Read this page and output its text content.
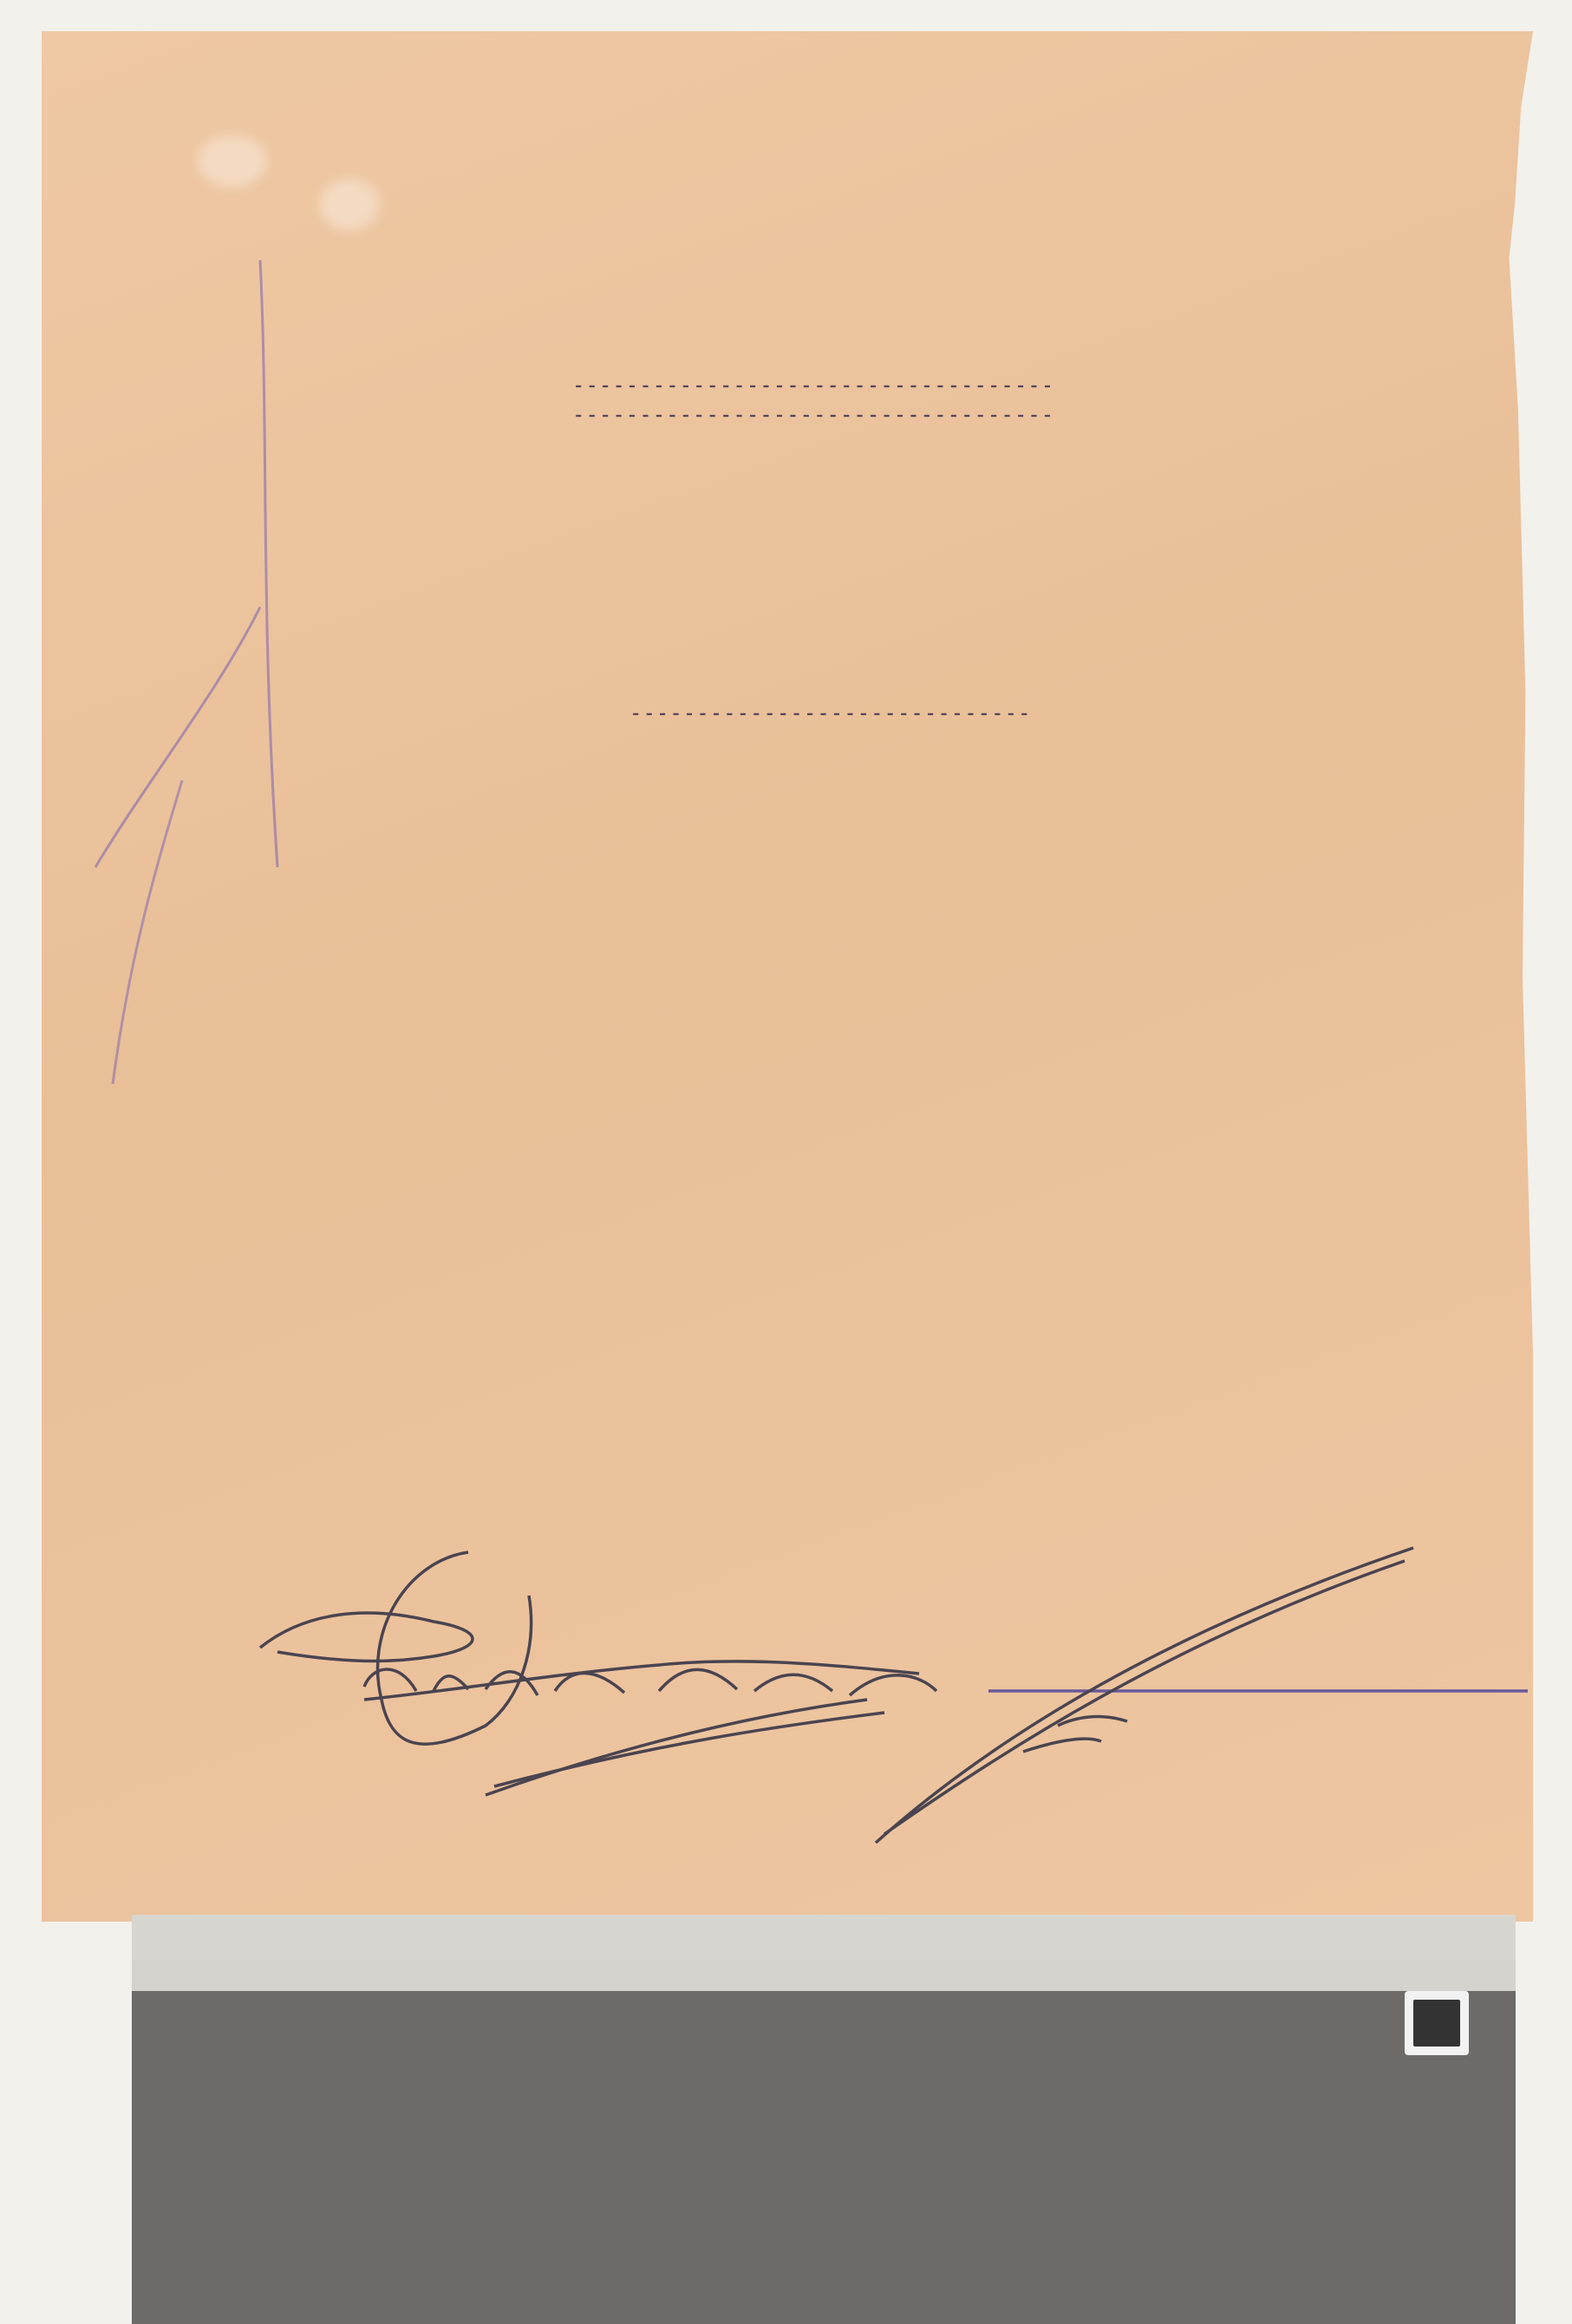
------------------------------------
------------------------------------
------------------------------
